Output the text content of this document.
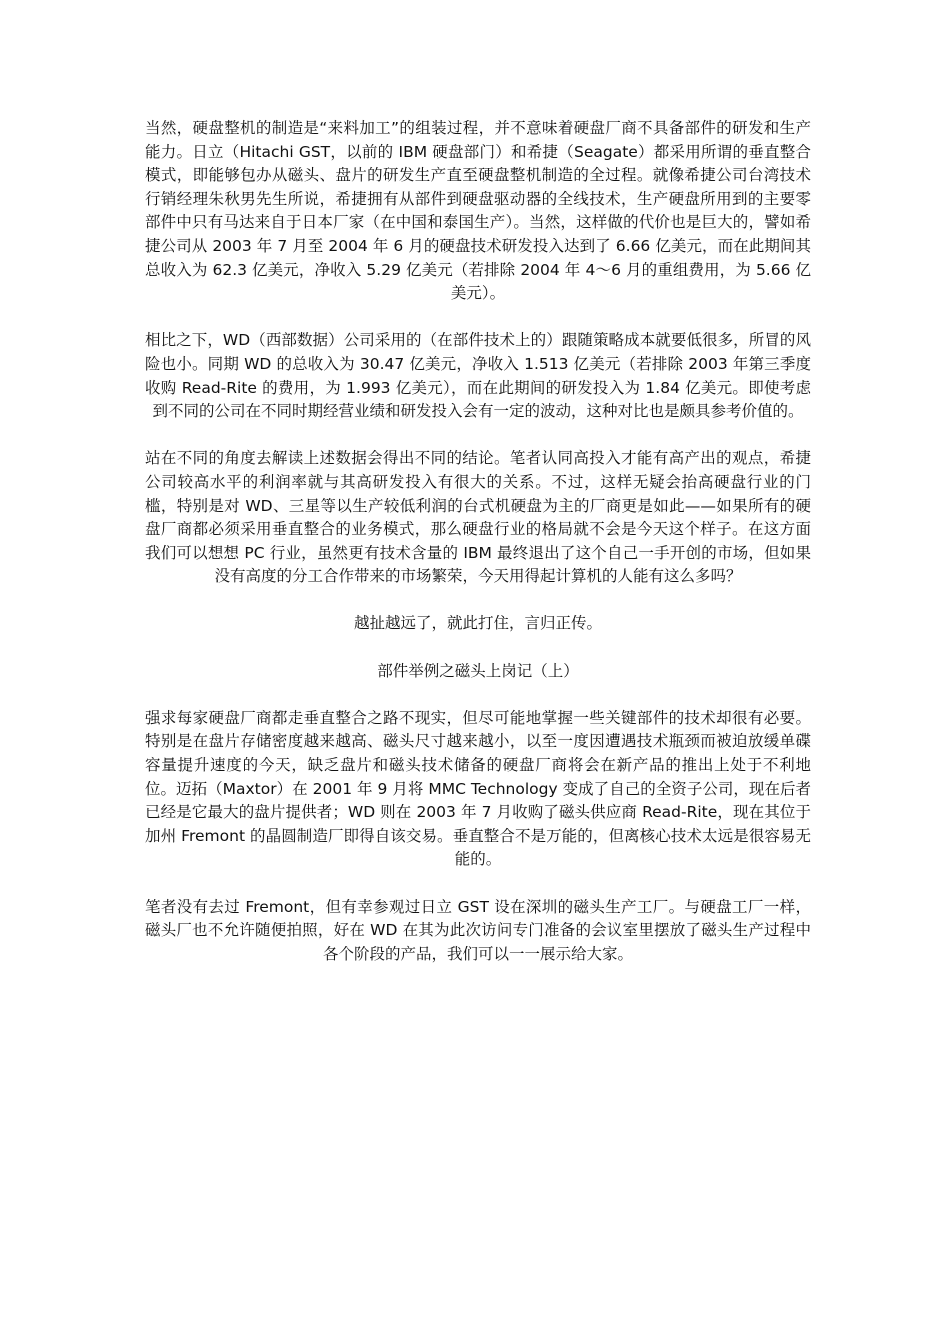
当然，硬盘整机的制造是“来料加工”的组装过程，并不意味着硬盘厂商不具备部件的研发和生产能力。日立（Hitachi GST，以前的 IBM 硬盘部门）和希捷（Seagate）都采用所谓的垂直整合模式，即能够包办从磁头、盘片的研发生产直至硬盘整机制造的全过程。就像希捷公司台湾技术行销经理朱秋男先生所说，希捷拥有从部件到硬盘驱动器的全线技术，生产硬盘所用到的主要零部件中只有马达来自于日本厂家（在中国和泰国生产）。当然，这样做的代价也是巨大的，譬如希捷公司从 2003 年 7 月至 2004 年 6 月的硬盘技术研发投入达到了 6.66 亿美元，而在此期间其总收入为 62.3 亿美元，净收入 5.29 亿美元（若排除 2004 年 4～6 月的重组费用，为 5.66 亿美元）。

相比之下，WD（西部数据）公司采用的（在部件技术上的）跟随策略成本就要低很多，所冒的风险也小。同期 WD 的总收入为 30.47 亿美元，净收入 1.513 亿美元（若排除 2003 年第三季度收购 Read-Rite 的费用，为 1.993 亿美元），而在此期间的研发投入为 1.84 亿美元。即使考虑到不同的公司在不同时期经营业绩和研发投入会有一定的波动，这种对比也是颇具参考价值的。

站在不同的角度去解读上述数据会得出不同的结论。笔者认同高投入才能有高产出的观点，希捷公司较高水平的利润率就与其高研发投入有很大的关系。不过，这样无疑会抬高硬盘行业的门槛，特别是对 WD、三星等以生产较低利润的台式机硬盘为主的厂商更是如此——如果所有的硬盘厂商都必须采用垂直整合的业务模式，那么硬盘行业的格局就不会是今天这个样子。在这方面我们可以想想 PC 行业，虽然更有技术含量的 IBM 最终退出了这个自己一手开创的市场，但如果没有高度的分工合作带来的市场繁荣，今天用得起计算机的人能有这么多吗？

越扯越远了，就此打住，言归正传。

部件举例之磁头上岗记（上）

强求每家硬盘厂商都走垂直整合之路不现实，但尽可能地掌握一些关键部件的技术却很有必要。特别是在盘片存储密度越来越高、磁头尺寸越来越小，以至一度因遭遇技术瓶颈而被迫放缓单碟容量提升速度的今天，缺乏盘片和磁头技术储备的硬盘厂商将会在新产品的推出上处于不利地位。迈拓（Maxtor）在 2001 年 9 月将 MMC Technology 变成了自己的全资子公司，现在后者已经是它最大的盘片提供者；WD 则在 2003 年 7 月收购了磁头供应商 Read-Rite，现在其位于加州 Fremont 的晶圆制造厂即得自该交易。垂直整合不是万能的，但离核心技术太远是很容易无能的。

笔者没有去过 Fremont，但有幸参观过日立 GST 设在深圳的磁头生产工厂。与硬盘工厂一样，磁头厂也不允许随便拍照，好在 WD 在其为此次访问专门准备的会议室里摆放了磁头生产过程中各个阶段的产品，我们可以一一展示给大家。
